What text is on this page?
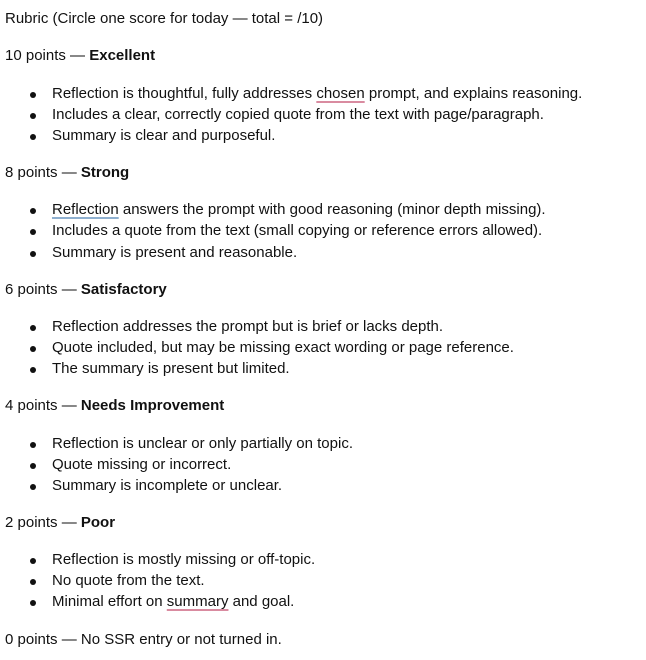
Rubric (Circle one score for today — total = /10)
10 points — Excellent
Reflection is thoughtful, fully addresses chosen prompt, and explains reasoning.
Includes a clear, correctly copied quote from the text with page/paragraph.
Summary is clear and purposeful.
8 points — Strong
Reflection answers the prompt with good reasoning (minor depth missing).
Includes a quote from the text (small copying or reference errors allowed).
Summary is present and reasonable.
6 points — Satisfactory
Reflection addresses the prompt but is brief or lacks depth.
Quote included, but may be missing exact wording or page reference.
The summary is present but limited.
4 points — Needs Improvement
Reflection is unclear or only partially on topic.
Quote missing or incorrect.
Summary is incomplete or unclear.
2 points — Poor
Reflection is mostly missing or off-topic.
No quote from the text.
Minimal effort on summary and goal.
0 points — No SSR entry or not turned in.
